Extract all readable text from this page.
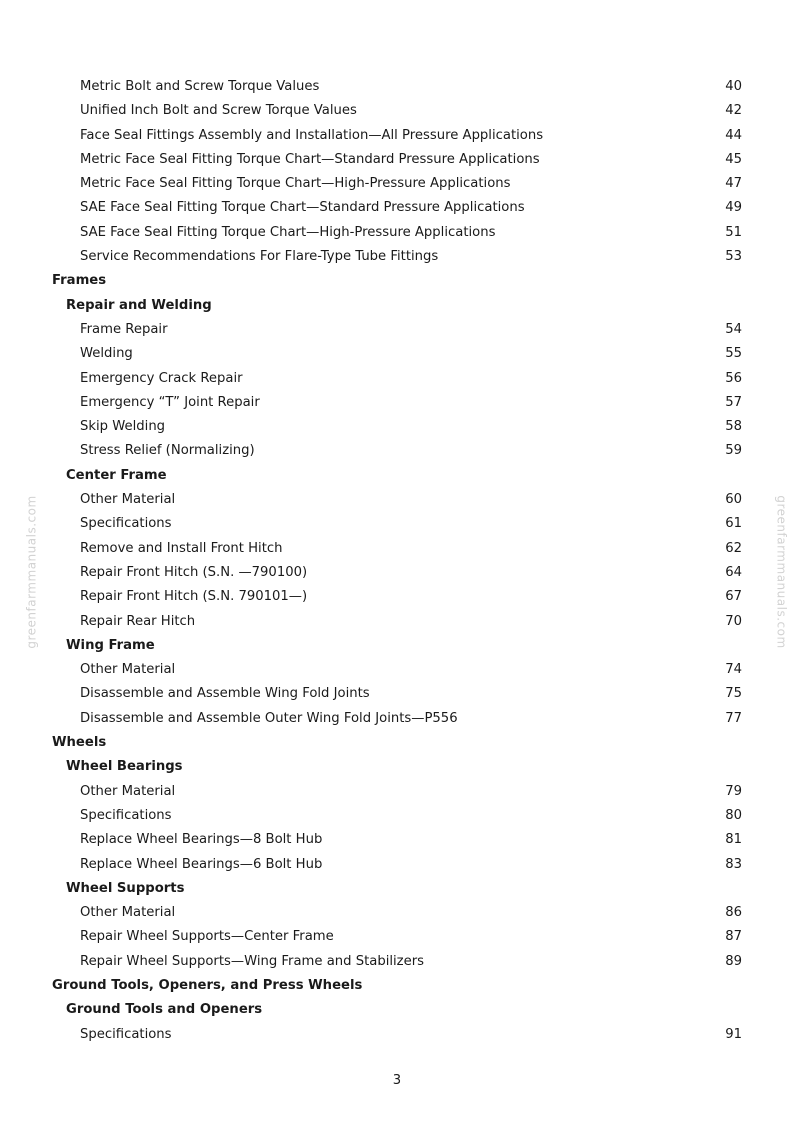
Metric Bolt and Screw Torque Values	40
Unified Inch Bolt and Screw Torque Values	42
Face Seal Fittings Assembly and Installation—All Pressure Applications	44
Metric Face Seal Fitting Torque Chart—Standard Pressure Applications	45
Metric Face Seal Fitting Torque Chart—High-Pressure Applications	47
SAE Face Seal Fitting Torque Chart—Standard Pressure Applications	49
SAE Face Seal Fitting Torque Chart—High-Pressure Applications	51
Service Recommendations For Flare-Type Tube Fittings	53
Frames
Repair and Welding
Frame Repair	54
Welding	55
Emergency Crack Repair	56
Emergency “T” Joint Repair	57
Skip Welding	58
Stress Relief (Normalizing)	59
Center Frame
Other Material	60
Specifications	61
Remove and Install Front Hitch	62
Repair Front Hitch (S.N. —790100)	64
Repair Front Hitch (S.N. 790101—)	67
Repair Rear Hitch	70
Wing Frame
Other Material	74
Disassemble and Assemble Wing Fold Joints	75
Disassemble and Assemble Outer Wing Fold Joints—P556	77
Wheels
Wheel Bearings
Other Material	79
Specifications	80
Replace Wheel Bearings—8 Bolt Hub	81
Replace Wheel Bearings—6 Bolt Hub	83
Wheel Supports
Other Material	86
Repair Wheel Supports—Center Frame	87
Repair Wheel Supports—Wing Frame and Stabilizers	89
Ground Tools, Openers, and Press Wheels
Ground Tools and Openers
Specifications	91
greenfarmmanuals.com	greenfarmmanuals.com
3
